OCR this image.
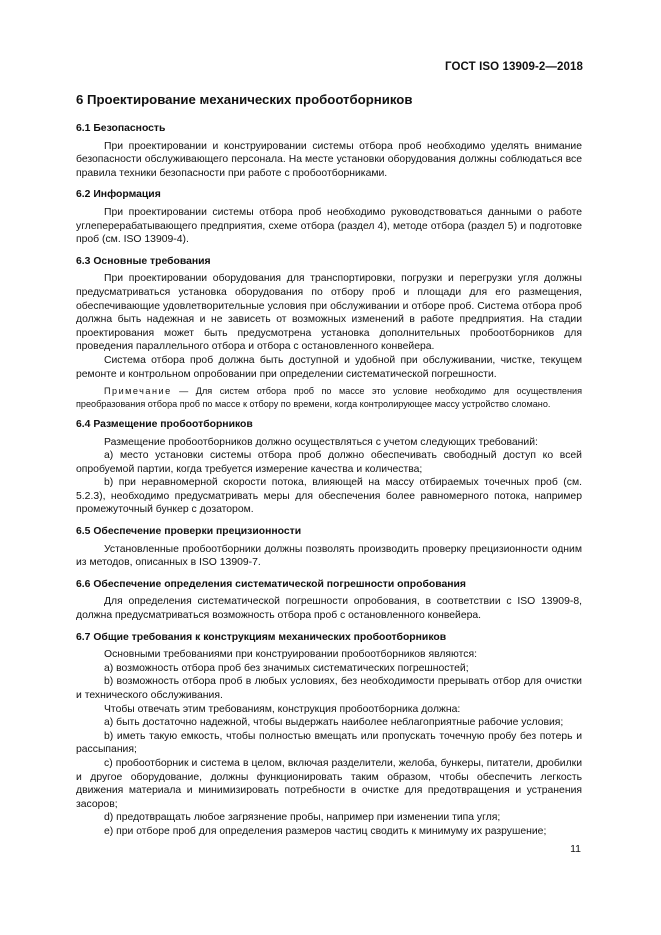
ГОСТ ISO 13909-2—2018
6 Проектирование механических пробоотборников
6.1 Безопасность

При проектировании и конструировании системы отбора проб необходимо уделять внимание безопасности обслуживающего персонала. На месте установки оборудования должны соблюдаться все правила техники безопасности при работе с пробоотборниками.

6.2 Информация

При проектировании системы отбора проб необходимо руководствоваться данными о работе углеперерабатывающего предприятия, схеме отбора (раздел 4), методе отбора (раздел 5) и подготовке проб (см. ISO 13909-4).

6.3 Основные требования

При проектировании оборудования для транспортировки, погрузки и перегрузки угля должны предусматриваться установка оборудования по отбору проб и площади для его размещения, обеспечивающие удовлетворительные условия при обслуживании и отборе проб. Система отбора проб должна быть надежная и не зависеть от возможных изменений в работе предприятия. На стадии проектирования может быть предусмотрена установка дополнительных пробоотборников для проведения параллельного отбора и отбора с остановленного конвейера.

Система отбора проб должна быть доступной и удобной при обслуживании, чистке, текущем ремонте и контрольном опробовании при определении систематической погрешности.

Примечание — Для систем отбора проб по массе это условие необходимо для осуществления преобразования отбора проб по массе к отбору по времени, когда контролирующее массу устройство сломано.

6.4 Размещение пробоотборников

Размещение пробоотборников должно осуществляться с учетом следующих требований:

a) место установки системы отбора проб должно обеспечивать свободный доступ ко всей опробуемой партии, когда требуется измерение качества и количества;

b) при неравномерной скорости потока, влияющей на массу отбираемых точечных проб (см. 5.2.3), необходимо предусматривать меры для обеспечения более равномерного потока, например промежуточный бункер с дозатором.

6.5 Обеспечение проверки прецизионности

Установленные пробоотборники должны позволять производить проверку прецизионности одним из методов, описанных в ISO 13909-7.

6.6 Обеспечение определения систематической погрешности опробования

Для определения систематической погрешности опробования, в соответствии с ISO 13909-8, должна предусматриваться возможность отбора проб с остановленного конвейера.

6.7 Общие требования к конструкциям механических пробоотборников

Основными требованиями при конструировании пробоотборников являются:

a) возможность отбора проб без значимых систематических погрешностей;

b) возможность отбора проб в любых условиях, без необходимости прерывать отбор для очистки и технического обслуживания.

Чтобы отвечать этим требованиям, конструкция пробоотборника должна:

a) быть достаточно надежной, чтобы выдержать наиболее неблагоприятные рабочие условия;

b) иметь такую емкость, чтобы полностью вмещать или пропускать точечную пробу без потерь и рассыпания;

c) пробоотборник и система в целом, включая разделители, желоба, бункеры, питатели, дробилки и другое оборудование, должны функционировать таким образом, чтобы обеспечить легкость движения материала и минимизировать потребности в очистке для предотвращения и устранения засоров;

d) предотвращать любое загрязнение пробы, например при изменении типа угля;

e) при отборе проб для определения размеров частиц сводить к минимуму их разрушение;

11
